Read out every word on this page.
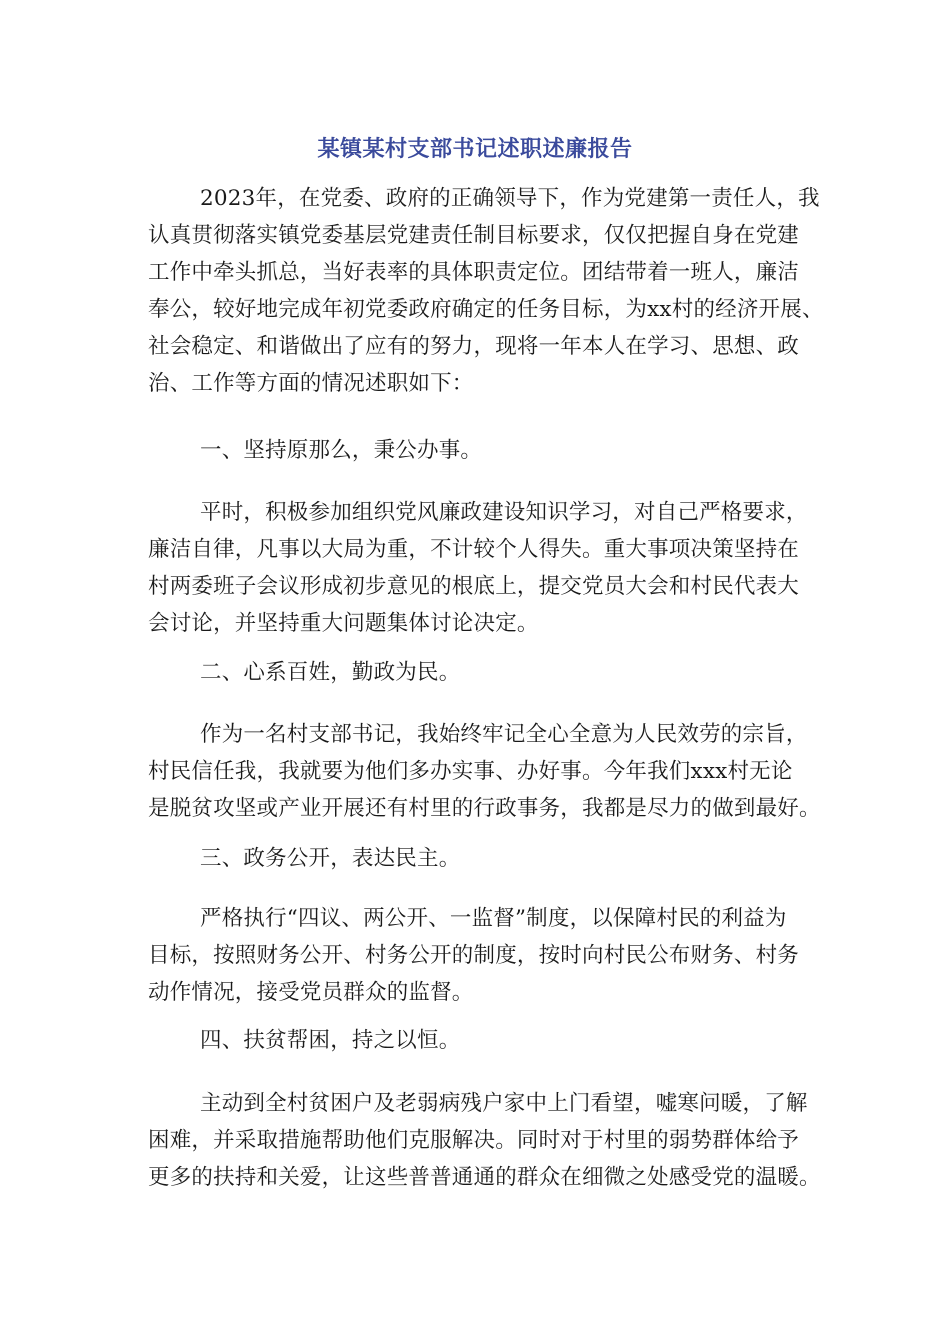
某镇某村支部书记述职述廉报告
2023年，在党委、政府的正确领导下，作为党建第一责任人，我
认真贯彻落实镇党委基层党建责任制目标要求，仅仅把握自身在党建
工作中牵头抓总，当好表率的具体职责定位。团结带着一班人，廉洁
奉公，较好地完成年初党委政府确定的任务目标，为xx村的经济开展、
社会稳定、和谐做出了应有的努力，现将一年本人在学习、思想、政
治、工作等方面的情况述职如下：
一、坚持原那么，秉公办事。
平时，积极参加组织党风廉政建设知识学习，对自己严格要求，
廉洁自律，凡事以大局为重，不计较个人得失。重大事项决策坚持在
村两委班子会议形成初步意见的根底上，提交党员大会和村民代表大
会讨论，并坚持重大问题集体讨论决定。
二、心系百姓，勤政为民。
作为一名村支部书记，我始终牢记全心全意为人民效劳的宗旨，
村民信任我，我就要为他们多办实事、办好事。今年我们xxx村无论
是脱贫攻坚或产业开展还有村里的行政事务，我都是尽力的做到最好。
三、政务公开，表达民主。
严格执行“四议、两公开、一监督”制度，以保障村民的利益为
目标，按照财务公开、村务公开的制度，按时向村民公布财务、村务
动作情况，接受党员群众的监督。
四、扶贫帮困，持之以恒。
主动到全村贫困户及老弱病残户家中上门看望，嘘寒问暖，了解
困难，并采取措施帮助他们克服解决。同时对于村里的弱势群体给予
更多的扶持和关爱，让这些普普通通的群众在细微之处感受党的温暖。
